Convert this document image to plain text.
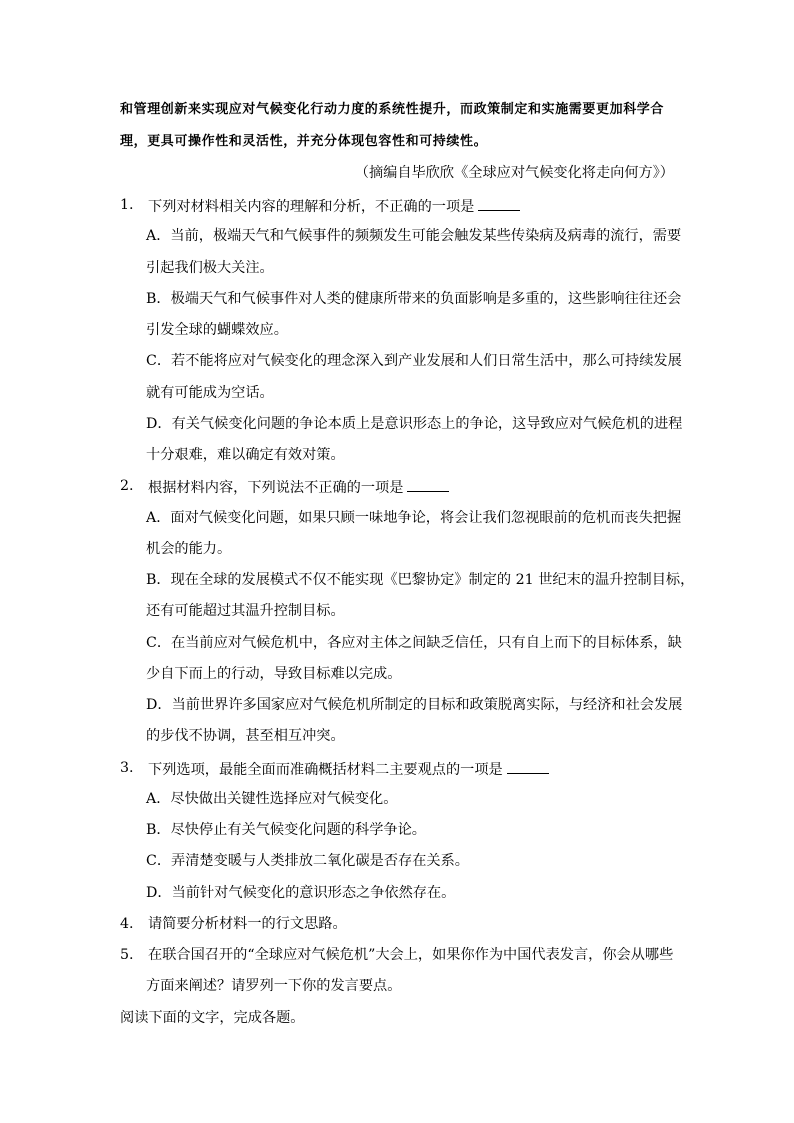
和管理创新来实现应对气候变化行动力度的系统性提升，而政策制定和实施需要更加科学合
理，更具可操作性和灵活性，并充分体现包容性和可持续性。
（摘编自毕欣欣《全球应对气候变化将走向何方》）
1. 下列对材料相关内容的理解和分析，不正确的一项是
A．当前，极端天气和气候事件的频频发生可能会触发某些传染病及病毒的流行，需要
引起我们极大关注。
B．极端天气和气候事件对人类的健康所带来的负面影响是多重的，这些影响往往还会
引发全球的蝴蝶效应。
C．若不能将应对气候变化的理念深入到产业发展和人们日常生活中，那么可持续发展
就有可能成为空话。
D．有关气候变化问题的争论本质上是意识形态上的争论，这导致应对气候危机的进程
十分艰难，难以确定有效对策。
2. 根据材料内容，下列说法不正确的一项是
A．面对气候变化问题，如果只顾一味地争论，将会让我们忽视眼前的危机而丧失把握
机会的能力。
B．现在全球的发展模式不仅不能实现《巴黎协定》制定的 21 世纪末的温升控制目标，
还有可能超过其温升控制目标。
C．在当前应对气候危机中，各应对主体之间缺乏信任，只有自上而下的目标体系，缺
少自下而上的行动，导致目标难以完成。
D．当前世界许多国家应对气候危机所制定的目标和政策脱离实际，与经济和社会发展
的步伐不协调，甚至相互冲突。
3. 下列选项，最能全面而准确概括材料二主要观点的一项是
A．尽快做出关键性选择应对气候变化。
B．尽快停止有关气候变化问题的科学争论。
C．弄清楚变暖与人类排放二氧化碳是否存在关系。
D．当前针对气候变化的意识形态之争依然存在。
4. 请简要分析材料一的行文思路。
5. 在联合国召开的“全球应对气候危机”大会上，如果你作为中国代表发言，你会从哪些
方面来阐述？请罗列一下你的发言要点。
阅读下面的文字，完成各题。
